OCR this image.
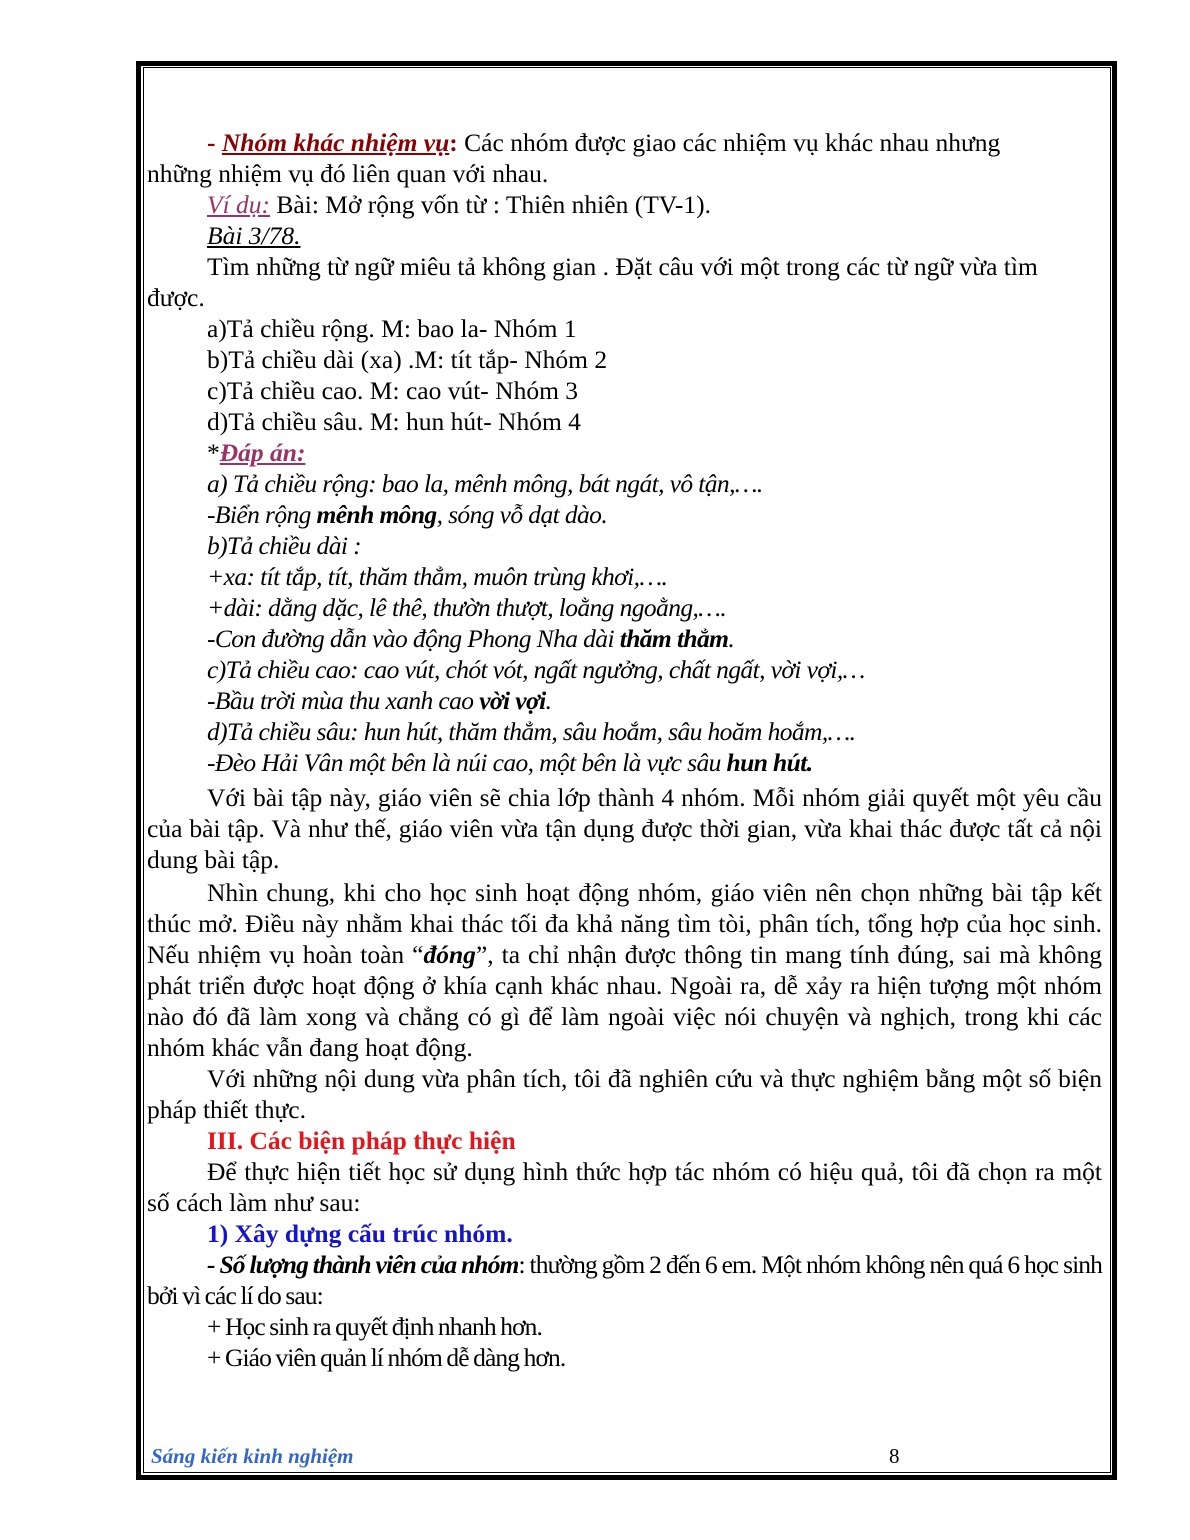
- Nhóm khác nhiệm vụ: Các nhóm được giao các nhiệm vụ khác nhau nhưng
những nhiệm vụ đó liên quan với nhau.

Ví dụ: Bài: Mở rộng vốn từ : Thiên nhiên (TV-1).

Bài 3/78.

Tìm những từ ngữ miêu tả không gian . Đặt câu với một trong các từ ngữ vừa tìm
được.

a)Tả chiều rộng. M: bao la- Nhóm 1

b)Tả chiều dài (xa) .M: tít tắp- Nhóm 2

c)Tả chiều cao. M: cao vút- Nhóm 3

d)Tả chiều sâu. M: hun hút- Nhóm 4

*Đáp án:

a) Tả chiều rộng: bao la, mênh mông, bát ngát, vô tận,….

-Biển rộng mênh mông, sóng vỗ dạt dào.

b)Tả chiều dài :

+xa: tít tắp, tít, thăm thẳm, muôn trùng khơi,….

+dài: dằng dặc, lê thê, thườn thượt, loằng ngoằng,….

-Con đường dẫn vào động Phong Nha dài thăm thẳm.

c)Tả chiều cao: cao vút, chót vót, ngất ngưởng, chất ngất, vời vợi,…

-Bầu trời mùa thu xanh cao vời vợi.

d)Tả chiều sâu: hun hút, thăm thẳm, sâu hoắm, sâu hoăm hoắm,….

-Đèo Hải Vân một bên là núi cao, một bên là vực sâu hun hút.

Với bài tập này, giáo viên sẽ chia lớp thành 4 nhóm. Mỗi nhóm giải quyết một yêu cầu của bài tập. Và như thế, giáo viên vừa tận dụng được thời gian, vừa khai thác được tất cả nội dung bài tập.

Nhìn chung, khi cho học sinh hoạt động nhóm, giáo viên nên chọn những bài tập kết thúc mở. Điều này nhằm khai thác tối đa khả năng tìm tòi, phân tích, tổng hợp của học sinh. Nếu nhiệm vụ hoàn toàn “đóng”, ta chỉ nhận được thông tin mang tính đúng, sai mà không phát triển được hoạt động ở khía cạnh khác nhau. Ngoài ra, dễ xảy ra hiện tượng một nhóm nào đó đã làm xong và chẳng có gì để làm ngoài việc nói chuyện và nghịch, trong khi các nhóm khác vẫn đang hoạt động.

Với những nội dung vừa phân tích, tôi đã nghiên cứu và thực nghiệm bằng một số biện pháp thiết thực.

III. Các biện pháp thực hiện

Để thực hiện tiết học sử dụng hình thức hợp tác nhóm có hiệu quả, tôi đã chọn ra một số cách làm như sau:

1) Xây dựng cấu trúc nhóm.

- Số lượng thành viên của nhóm: thường gồm 2 đến 6 em. Một nhóm không nên quá 6 học sinh bởi vì các lí do sau:

+ Học sinh ra quyết định nhanh hơn.

+ Giáo viên quản lí nhóm dễ dàng hơn.

Sáng kiến kinh nghiệm	8
